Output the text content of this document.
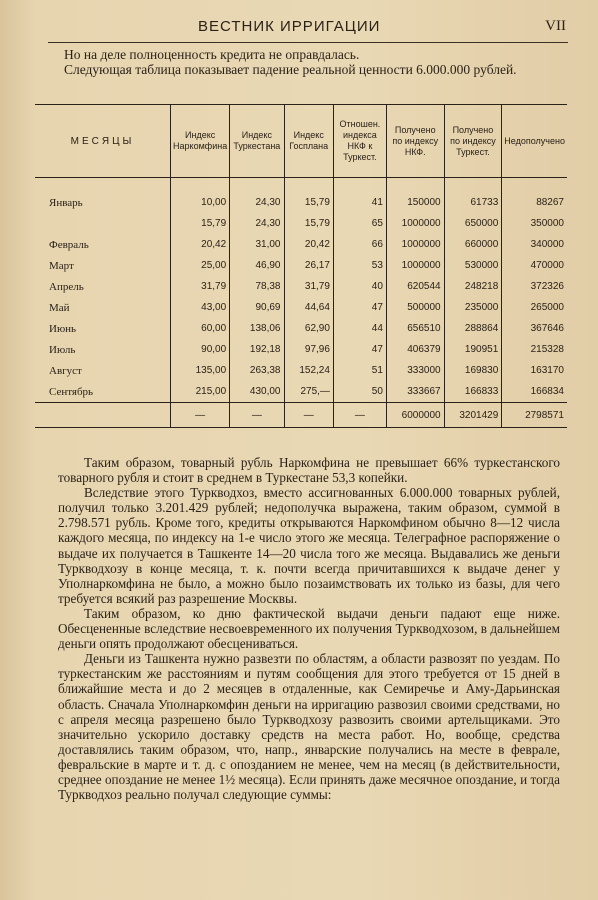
ВЕСТНИК ИРРИГАЦИИ	VII

Но на деле полноценность кредита не оправдалась.

Следующая таблица показывает падение реальной ценности 6.000.000 рублей.

МЕСЯЦЫ	Индекс Наркомфина	Индекс Туркестана	Индекс Госплана	Отношен. индекса НКФ к Туркест.	Получено по индексу НКФ.	Получено по индексу Туркест.	Недополучено

Январь	10,00	24,30	15,79	41	150000	61733	88267
	15,79	24,30	15,79	65	1000000	650000	350000
Февраль	20,42	31,00	20,42	66	1000000	660000	340000
Март	25,00	46,90	26,17	53	1000000	530000	470000
Апрель	31,79	78,38	31,79	40	620544	248218	372326
Май	43,00	90,69	44,64	47	500000	235000	265000
Июнь	60,00	138,06	62,90	44	656510	288864	367646
Июль	90,00	192,18	97,96	47	406379	190951	215328
Август	135,00	263,38	152,24	51	333000	169830	163170
Сентябрь	215,00	430,00	275,—	50	333667	166833	166834
	—	—	—	—	6000000	3201429	2798571

Таким образом, товарный рубль Наркомфина не превышает 66% туркестанского товарного рубля и стоит в среднем в Туркестане 53,3 копейки.

Вследствие этого Туркводхоз, вместо ассигнованных 6.000.000 товарных рублей, получил только 3.201.429 рублей; недополучка выражена, таким образом, суммой в 2.798.571 рубль. Кроме того, кредиты открываются Наркомфином обычно 8—12 числа каждого месяца, по индексу на 1-е число этого же месяца. Телеграфное распоряжение о выдаче их получается в Ташкенте 14—20 числа того же месяца. Выдавались же деньги Туркводхозу в конце месяца, т. к. почти всегда причитавшихся к выдаче денег у Уполнаркомфина не было, а можно было позаимствовать их только из базы, для чего требуется всякий раз разрешение Москвы.

Таким образом, ко дню фактической выдачи деньги падают еще ниже. Обесцененные вследствие несвоевременного их получения Туркводхозом, в дальнейшем деньги опять продолжают обесцениваться.

Деньги из Ташкента нужно развезти по областям, а области развозят по уездам. По туркестанским же расстояниям и путям сообщения для этого требуется от 15 дней в ближайшие места и до 2 месяцев в отдаленные, как Семиречье и Аму-Дарьинская область. Сначала Уполнаркомфин деньги на ирригацию развозил своими средствами, но с апреля месяца разрешено было Туркводхозу развозить своими артельщиками. Это значительно ускорило доставку средств на места работ. Но, вообще, средства доставлялись таким образом, что, напр., январские получались на месте в феврале, февральские в марте и т. д. с опозданием не менее, чем на месяц (в действительности, среднее опоздание не менее 1½ месяца). Если принять даже месячное опоздание, и тогда Туркводхоз реально получал следующие суммы:
